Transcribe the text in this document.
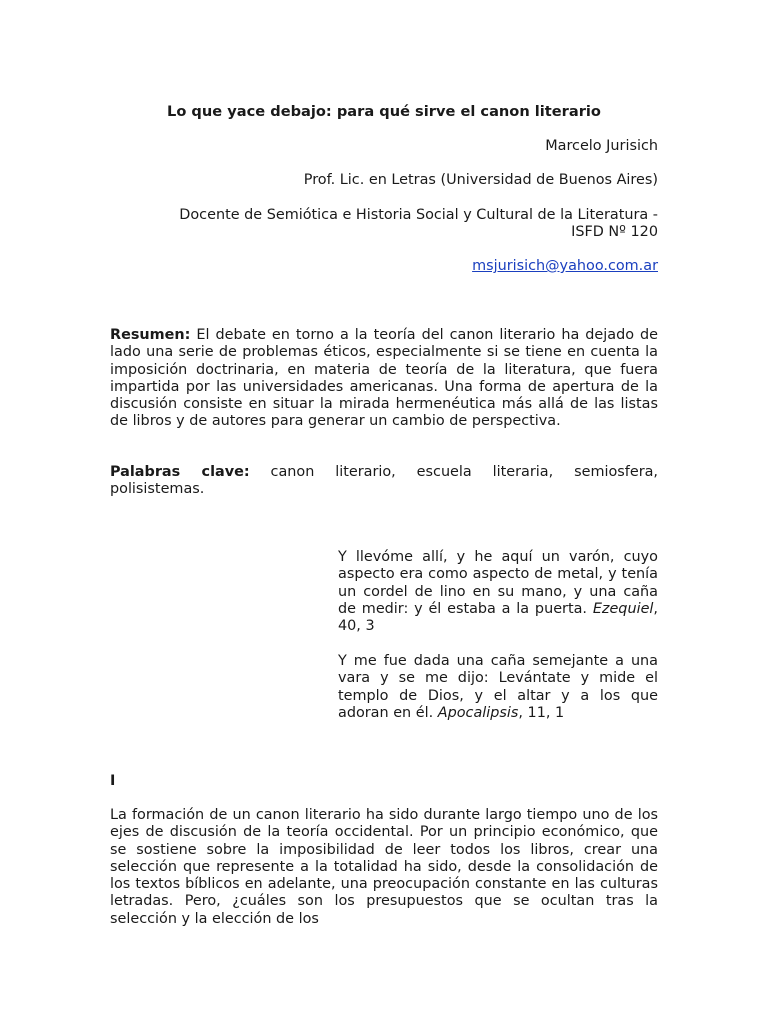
Lo que yace debajo: para qué sirve el canon literario
Marcelo Jurisich
Prof. Lic. en Letras (Universidad de Buenos Aires)
Docente de Semiótica e Historia Social y Cultural de la Literatura -
ISFD Nº 120
msjurisich@yahoo.com.ar
Resumen: El debate en torno a la teoría del canon literario ha dejado de lado una serie de problemas éticos, especialmente si se tiene en cuenta la imposición doctrinaria, en materia de teoría de la literatura, que fuera impartida por las universidades americanas. Una forma de apertura de la discusión consiste en situar la mirada hermenéutica más allá de las listas de libros y de autores para generar un cambio de perspectiva.
Palabras clave: canon literario, escuela literaria, semiosfera, polisistemas.
Y llevóme allí, y he aquí un varón, cuyo aspecto era como aspecto de metal, y tenía un cordel de lino en su mano, y una caña de medir: y él estaba a la puerta. Ezequiel, 40, 3
Y me fue dada una caña semejante a una vara y se me dijo: Levántate y mide el templo de Dios, y el altar y a los que adoran en él. Apocalipsis, 11, 1
I
La formación de un canon literario ha sido durante largo tiempo uno de los ejes de discusión de la teoría occidental. Por un principio económico, que se sostiene sobre la imposibilidad de leer todos los libros, crear una selección que represente a la totalidad ha sido, desde la consolidación de los textos bíblicos en adelante, una preocupación constante en las culturas letradas. Pero, ¿cuáles son los presupuestos que se ocultan tras la selección y la elección de los
